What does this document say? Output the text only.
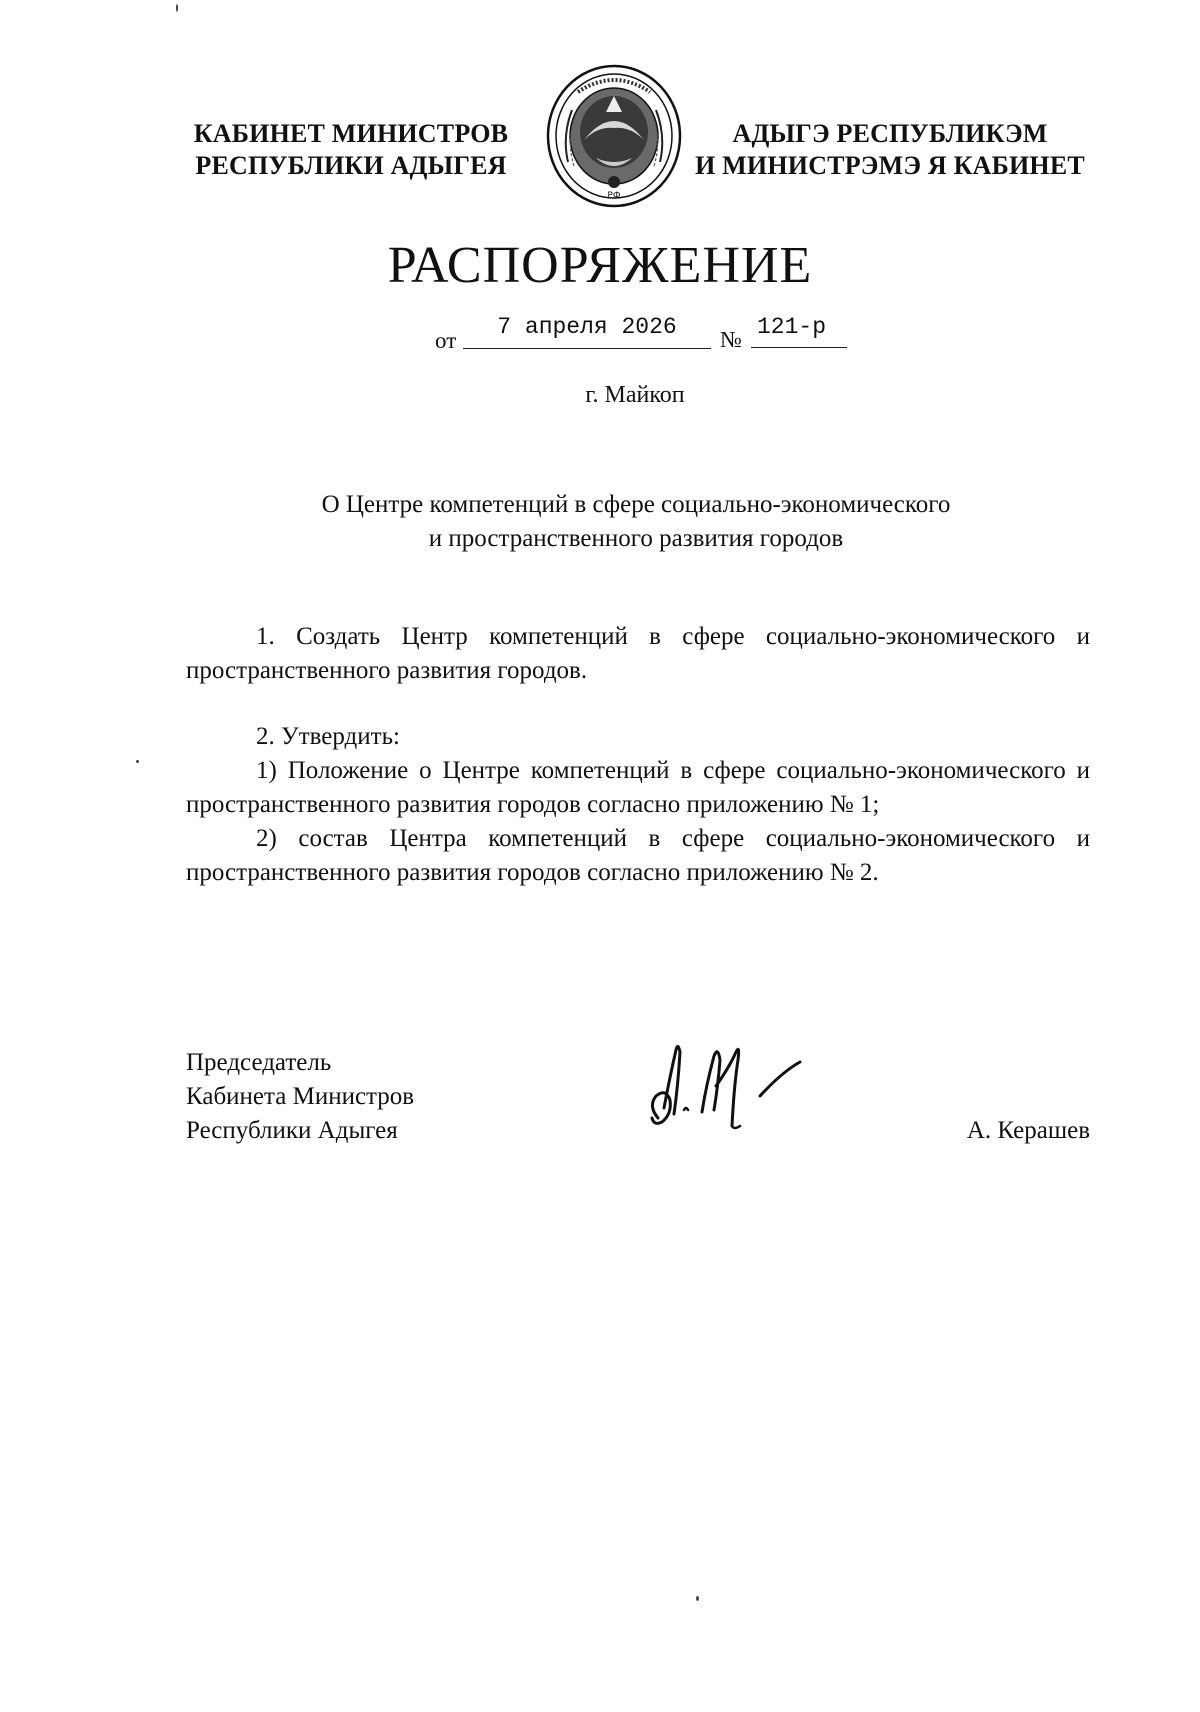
КАБИНЕТ МИНИСТРОВ
РЕСПУБЛИКИ АДЫГЕЯ
РФ
АДЫГЭ РЕСПУБЛИКЭМ
И МИНИСТРЭМЭ Я КАБИНЕТ
РАСПОРЯЖЕНИЕ
от
7 апреля 2026	№ 121-р
г. Майкоп
О Центре компетенций в сфере социально-экономического
и пространственного развития городов
1. Создать Центр компетенций в сфере социально-экономического и пространственного развития городов.
2. Утвердить:
1) Положение о Центре компетенций в сфере социально-экономического и пространственного развития городов согласно приложению № 1;
2) состав Центра компетенций в сфере социально-экономического и пространственного развития городов согласно приложению № 2.
Председатель
Кабинета Министров
Республики Адыгея	А. Керашев
